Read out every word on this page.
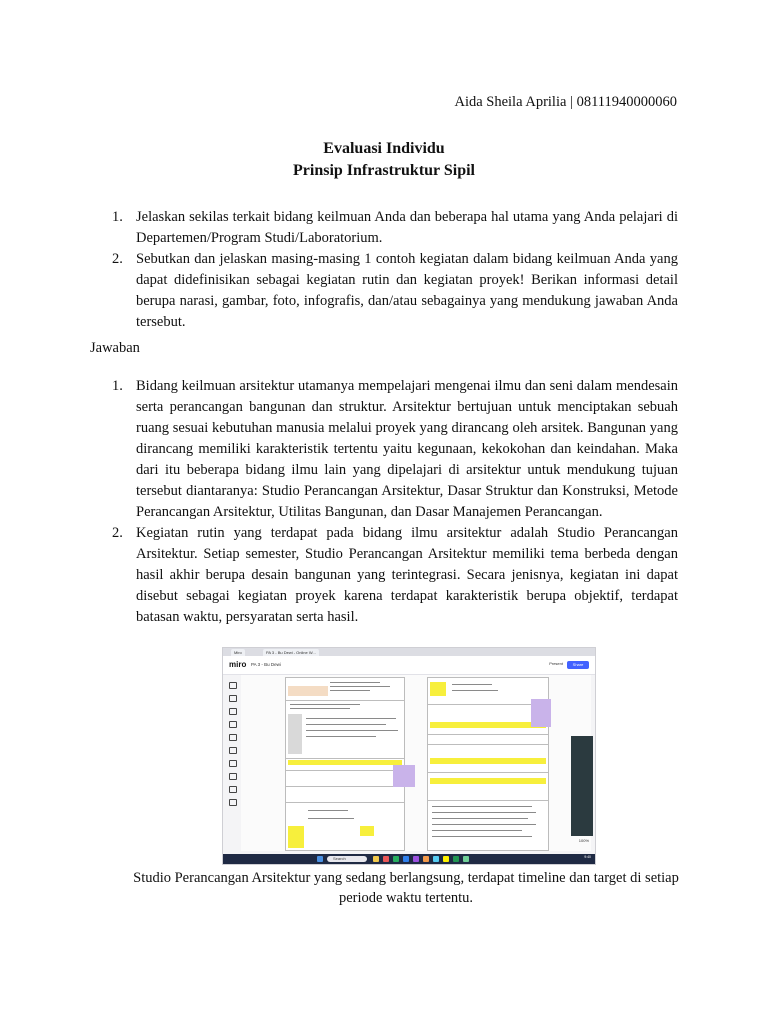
Aida Sheila Aprilia | 08111940000060
Evaluasi Individu
Prinsip Infrastruktur Sipil

1. Jelaskan sekilas terkait bidang keilmuan Anda dan beberapa hal utama yang Anda pelajari di Departemen/Program Studi/Laboratorium.

2. Sebutkan dan jelaskan masing-masing 1 contoh kegiatan dalam bidang keilmuan Anda yang dapat didefinisikan sebagai kegiatan rutin dan kegiatan proyek! Berikan informasi detail berupa narasi, gambar, foto, infografis, dan/atau sebagainya yang mendukung jawaban Anda tersebut.

Jawaban

1. Bidang keilmuan arsitektur utamanya mempelajari mengenai ilmu dan seni dalam mendesain serta perancangan bangunan dan struktur. Arsitektur bertujuan untuk menciptakan sebuah ruang sesuai kebutuhan manusia melalui proyek yang dirancang oleh arsitek. Bangunan yang dirancang memiliki karakteristik tertentu yaitu kegunaan, kekokohan dan keindahan. Maka dari itu beberapa bidang ilmu lain yang dipelajari di arsitektur untuk mendukung tujuan tersebut diantaranya: Studio Perancangan Arsitektur, Dasar Struktur dan Konstruksi, Metode Perancangan Arsitektur, Utilitas Bangunan, dan Dasar Manajemen Perancangan.

2. Kegiatan rutin yang terdapat pada bidang ilmu arsitektur adalah Studio Perancangan Arsitektur. Setiap semester, Studio Perancangan Arsitektur memiliki tema berbeda dengan hasil akhir berupa desain bangunan yang terintegrasi. Secara jenisnya, kegiatan ini dapat disebut sebagai kegiatan proyek karena terdapat karakteristik berupa objektif, terdapat batasan waktu, persyaratan serta hasil.

Miro	PA 3 - Bu Dewi - Online W...
miro PA 3 - Bu Dewi	Present	Share
100%
Search	9:40
Studio Perancangan Arsitektur yang sedang berlangsung, terdapat timeline dan target di setiap periode waktu tertentu.
